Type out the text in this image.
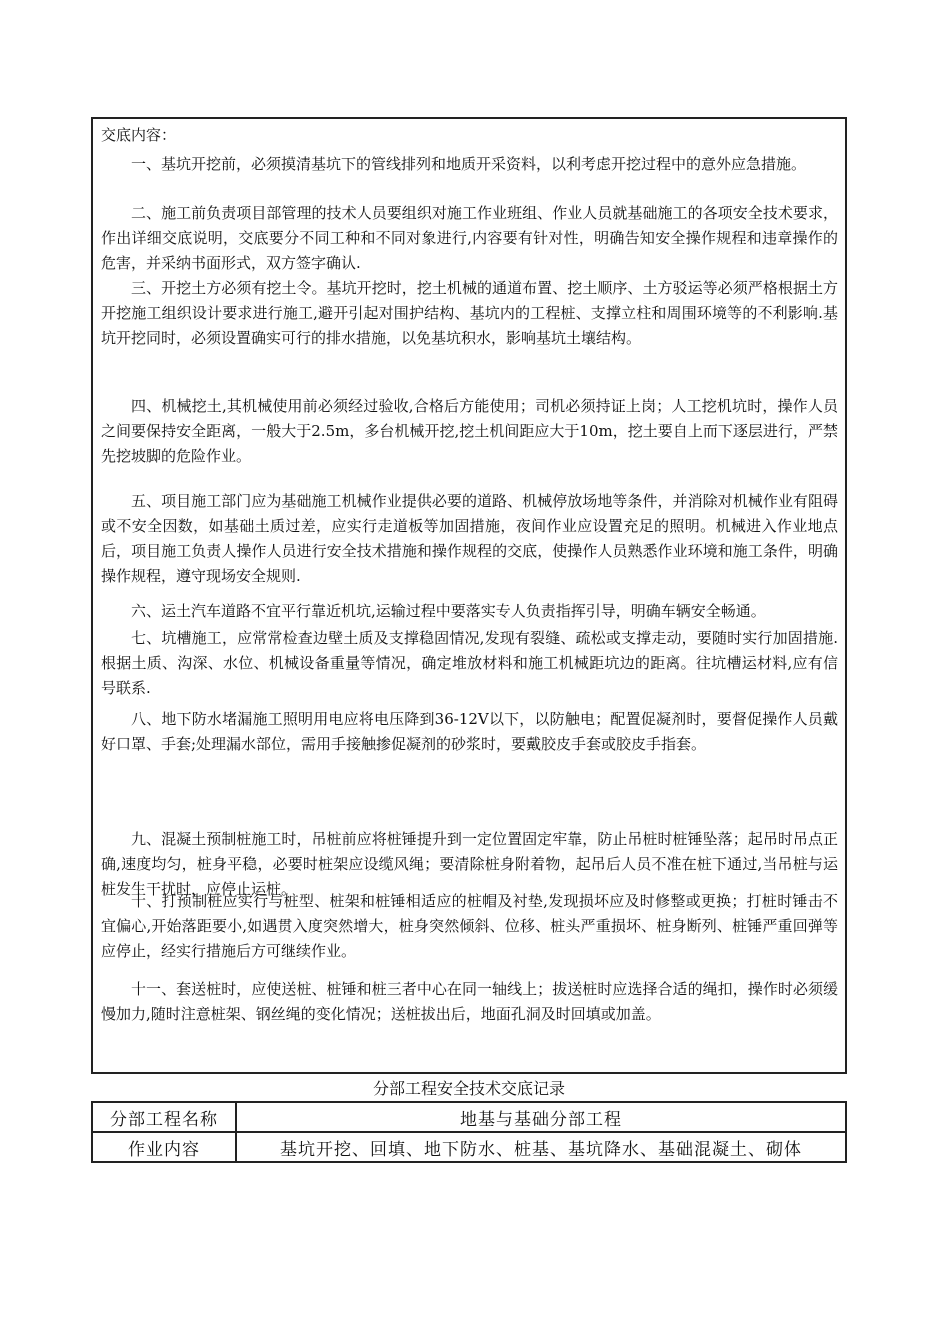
交底内容：

一、基坑开挖前，必须摸清基坑下的管线排列和地质开采资料，以利考虑开挖过程中的意外应急措施。

二、施工前负责项目部管理的技术人员要组织对施工作业班组、作业人员就基础施工的各项安全技术要求，作出详细交底说明，交底要分不同工种和不同对象进行,内容要有针对性，明确告知安全操作规程和违章操作的危害，并采纳书面形式，双方签字确认.

三、开挖土方必须有挖土令。基坑开挖时，挖土机械的通道布置、挖土顺序、土方驳运等必须严格根据土方开挖施工组织设计要求进行施工,避开引起对围护结构、基坑内的工程桩、支撑立柱和周围环境等的不利影响.基坑开挖同时，必须设置确实可行的排水措施，以免基坑积水，影响基坑土壤结构。

四、机械挖土,其机械使用前必须经过验收,合格后方能使用；司机必须持证上岗；人工挖机坑时，操作人员之间要保持安全距离，一般大于2.5m，多台机械开挖,挖土机间距应大于10m，挖土要自上而下逐层进行，严禁先挖坡脚的危险作业。

五、项目施工部门应为基础施工机械作业提供必要的道路、机械停放场地等条件，并消除对机械作业有阻碍或不安全因数，如基础土质过差，应实行走道板等加固措施，夜间作业应设置充足的照明。机械进入作业地点后，项目施工负责人操作人员进行安全技术措施和操作规程的交底，使操作人员熟悉作业环境和施工条件，明确操作规程，遵守现场安全规则.

六、运土汽车道路不宜平行靠近机坑,运输过程中要落实专人负责指挥引导，明确车辆安全畅通。

七、坑槽施工，应常常检查边壁土质及支撑稳固情况,发现有裂缝、疏松或支撑走动，要随时实行加固措施.根据土质、沟深、水位、机械设备重量等情况，确定堆放材料和施工机械距坑边的距离。往坑槽运材料,应有信号联系.

八、地下防水堵漏施工照明用电应将电压降到36-12V以下，以防触电；配置促凝剂时，要督促操作人员戴好口罩、手套;处理漏水部位，需用手接触掺促凝剂的砂浆时，要戴胶皮手套或胶皮手指套。

九、混凝土预制桩施工时，吊桩前应将桩锤提升到一定位置固定牢靠，防止吊桩时桩锤坠落；起吊时吊点正确,速度均匀，桩身平稳，必要时桩架应设缆风绳；要清除桩身附着物，起吊后人员不准在桩下通过,当吊桩与运桩发生干扰时，应停止运桩。

十、打预制桩应实行与桩型、桩架和桩锤相适应的桩帽及衬垫,发现损坏应及时修整或更换；打桩时锤击不宜偏心,开始落距要小,如遇贯入度突然增大，桩身突然倾斜、位移、桩头严重损坏、桩身断列、桩锤严重回弹等应停止，经实行措施后方可继续作业。

十一、套送桩时，应使送桩、桩锤和桩三者中心在同一轴线上；拔送桩时应选择合适的绳扣，操作时必须缓慢加力,随时注意桩架、钢丝绳的变化情况；送桩拔出后，地面孔洞及时回填或加盖。

分部工程安全技术交底记录

分部工程名称	地基与基础分部工程
作业内容	基坑开挖、回填、地下防水、桩基、基坑降水、基础混凝土、砌体
